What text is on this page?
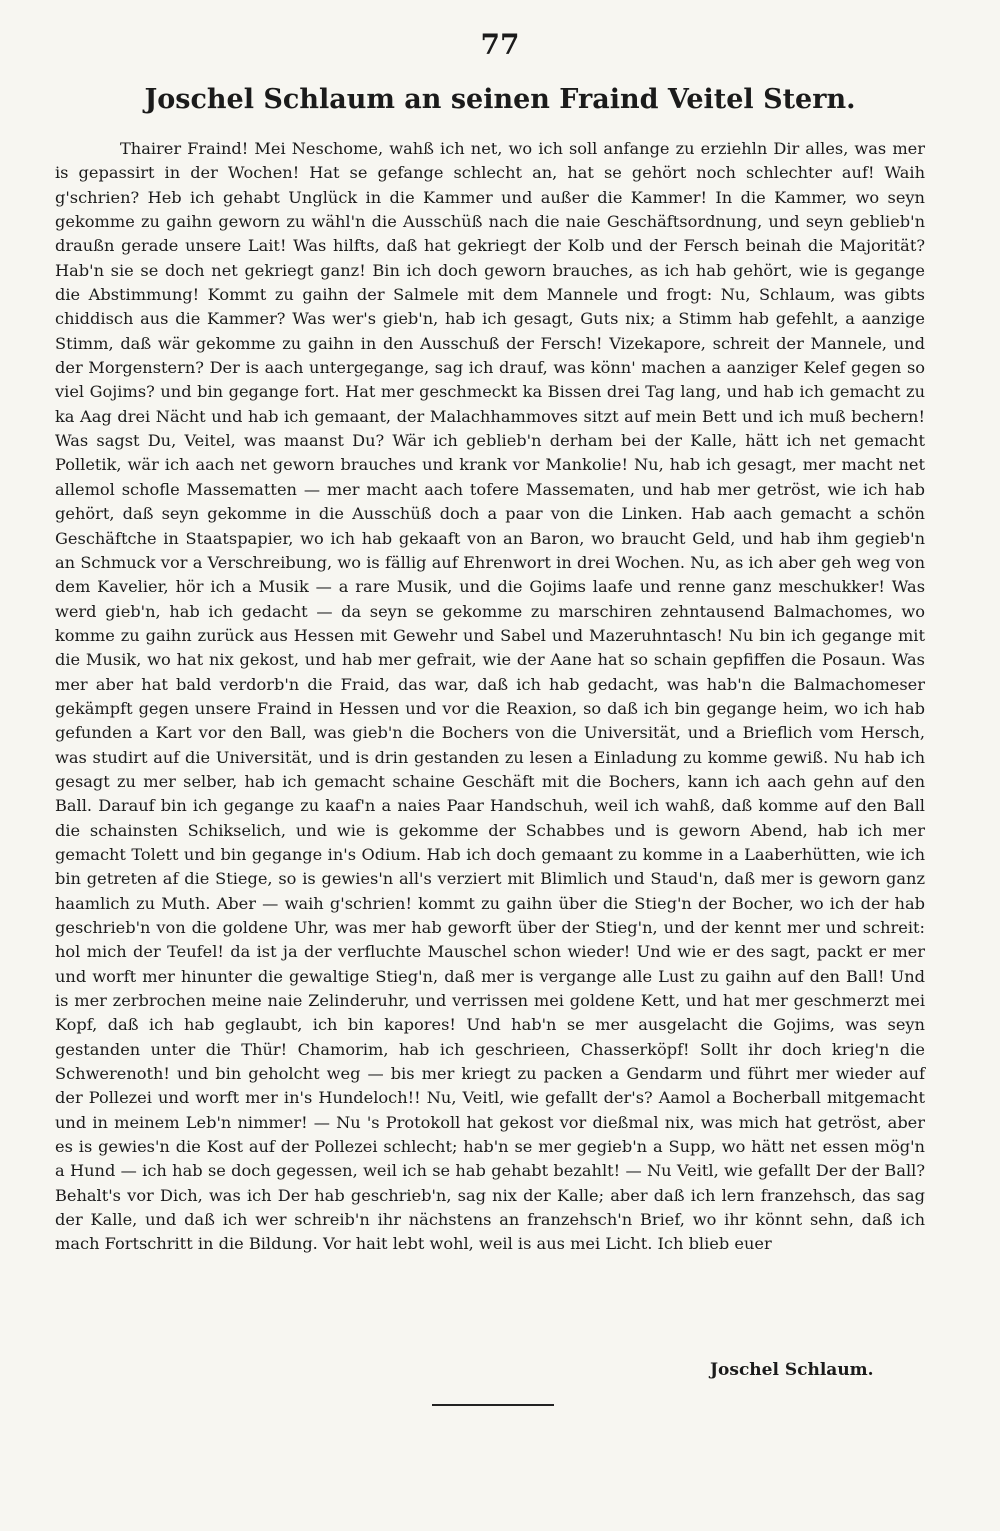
77
Joschel Schlaum an seinen Fraind Veitel Stern.

Thairer Fraind! Mei Neschome, wahß ich net, wo ich soll anfange zu erziehln Dir alles, was mer is gepassirt in der Wochen! Hat se gefange schlecht an, hat se gehört noch schlechter auf! Waih g'schrien? Heb ich gehabt Unglück in die Kammer und außer die Kammer! In die Kammer, wo seyn gekomme zu gaihn geworn zu wähl'n die Ausschüß nach die naie Geschäftsordnung, und seyn geblieb'n draußn gerade unsere Lait! Was hilfts, daß hat gekriegt der Kolb und der Fersch beinah die Majorität? Hab'n sie se doch net gekriegt ganz! Bin ich doch geworn brauches, as ich hab gehört, wie is gegange die Abstimmung! Kommt zu gaihn der Salmele mit dem Mannele und frogt: Nu, Schlaum, was gibts chiddisch aus die Kammer? Was wer's gieb'n, hab ich gesagt, Guts nix; a Stimm hab gefehlt, a aanzige Stimm, daß wär gekomme zu gaihn in den Ausschuß der Fersch! Vizekapore, schreit der Mannele, und der Morgenstern? Der is aach untergegange, sag ich drauf, was könn' machen a aanziger Kelef gegen so viel Gojims? und bin gegange fort. Hat mer geschmeckt ka Bissen drei Tag lang, und hab ich gemacht zu ka Aag drei Nächt und hab ich gemaant, der Malachhammoves sitzt auf mein Bett und ich muß bechern! Was sagst Du, Veitel, was maanst Du? Wär ich geblieb'n derham bei der Kalle, hätt ich net gemacht Polletik, wär ich aach net geworn brauches und krank vor Mankolie! Nu, hab ich gesagt, mer macht net allemol schofle Massematten — mer macht aach tofere Massematen, und hab mer getröst, wie ich hab gehört, daß seyn gekomme in die Ausschüß doch a paar von die Linken. Hab aach gemacht a schön Geschäftche in Staatspapier, wo ich hab gekaaft von an Baron, wo braucht Geld, und hab ihm gegieb'n an Schmuck vor a Verschreibung, wo is fällig auf Ehrenwort in drei Wochen. Nu, as ich aber geh weg von dem Kavelier, hör ich a Musik — a rare Musik, und die Gojims laafe und renne ganz meschukker! Was werd gieb'n, hab ich gedacht — da seyn se gekomme zu marschiren zehntausend Balmachomes, wo komme zu gaihn zurück aus Hessen mit Gewehr und Sabel und Mazeruhntasch! Nu bin ich gegange mit die Musik, wo hat nix gekost, und hab mer gefrait, wie der Aane hat so schain gepfiffen die Posaun. Was mer aber hat bald verdorb'n die Fraid, das war, daß ich hab gedacht, was hab'n die Balmachomeser gekämpft gegen unsere Fraind in Hessen und vor die Reaxion, so daß ich bin gegange heim, wo ich hab gefunden a Kart vor den Ball, was gieb'n die Bochers von die Universität, und a Brieflich vom Hersch, was studirt auf die Universität, und is drin gestanden zu lesen a Einladung zu komme gewiß. Nu hab ich gesagt zu mer selber, hab ich gemacht schaine Geschäft mit die Bochers, kann ich aach gehn auf den Ball. Darauf bin ich gegange zu kaaf'n a naies Paar Handschuh, weil ich wahß, daß komme auf den Ball die schainsten Schikselich, und wie is gekomme der Schabbes und is geworn Abend, hab ich mer gemacht Tolett und bin gegange in's Odium. Hab ich doch gemaant zu komme in a Laaberhütten, wie ich bin getreten af die Stiege, so is gewies'n all's verziert mit Blimlich und Staud'n, daß mer is geworn ganz haamlich zu Muth. Aber — waih g'schrien! kommt zu gaihn über die Stieg'n der Bocher, wo ich der hab geschrieb'n von die goldene Uhr, was mer hab geworft über der Stieg'n, und der kennt mer und schreit: hol mich der Teufel! da ist ja der verfluchte Mauschel schon wieder! Und wie er des sagt, packt er mer und worft mer hinunter die gewaltige Stieg'n, daß mer is vergange alle Lust zu gaihn auf den Ball! Und is mer zerbrochen meine naie Zelinderuhr, und verrissen mei goldene Kett, und hat mer geschmerzt mei Kopf, daß ich hab geglaubt, ich bin kapores! Und hab'n se mer ausgelacht die Gojims, was seyn gestanden unter die Thür! Chamorim, hab ich geschrieen, Chasserköpf! Sollt ihr doch krieg'n die Schwerenoth! und bin geholcht weg — bis mer kriegt zu packen a Gendarm und führt mer wieder auf der Pollezei und worft mer in's Hundeloch!! Nu, Veitl, wie gefallt der's? Aamol a Bocherball mitgemacht und in meinem Leb'n nimmer! — Nu 's Protokoll hat gekost vor dießmal nix, was mich hat getröst, aber es is gewies'n die Kost auf der Pollezei schlecht; hab'n se mer gegieb'n a Supp, wo hätt net essen mög'n a Hund — ich hab se doch gegessen, weil ich se hab gehabt bezahlt! — Nu Veitl, wie gefallt Der der Ball? Behalt's vor Dich, was ich Der hab geschrieb'n, sag nix der Kalle; aber daß ich lern franzehsch, das sag der Kalle, und daß ich wer schreib'n ihr nächstens an franzehsch'n Brief, wo ihr könnt sehn, daß ich mach Fortschritt in die Bildung. Vor hait lebt wohl, weil is aus mei Licht. Ich blieb euer

Joschel Schlaum.
